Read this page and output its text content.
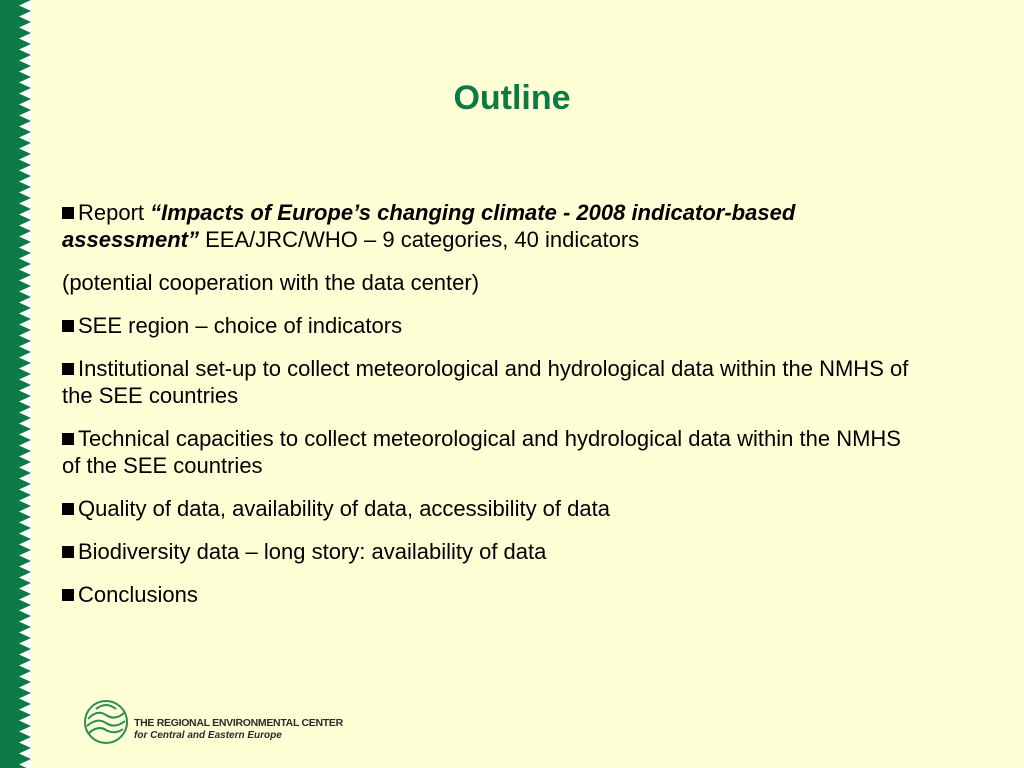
Outline
Report “Impacts of Europe’s changing climate - 2008 indicator-based assessment” EEA/JRC/WHO – 9 categories, 40 indicators
(potential cooperation with the data center)
SEE region – choice of indicators
Institutional set-up to collect meteorological and hydrological data within the NMHS of the SEE countries
Technical capacities to collect meteorological and hydrological data within the NMHS of the SEE countries
Quality of data, availability of data, accessibility of data
Biodiversity data – long story: availability of data
Conclusions
THE REGIONAL ENVIRONMENTAL CENTER
for Central and Eastern Europe
